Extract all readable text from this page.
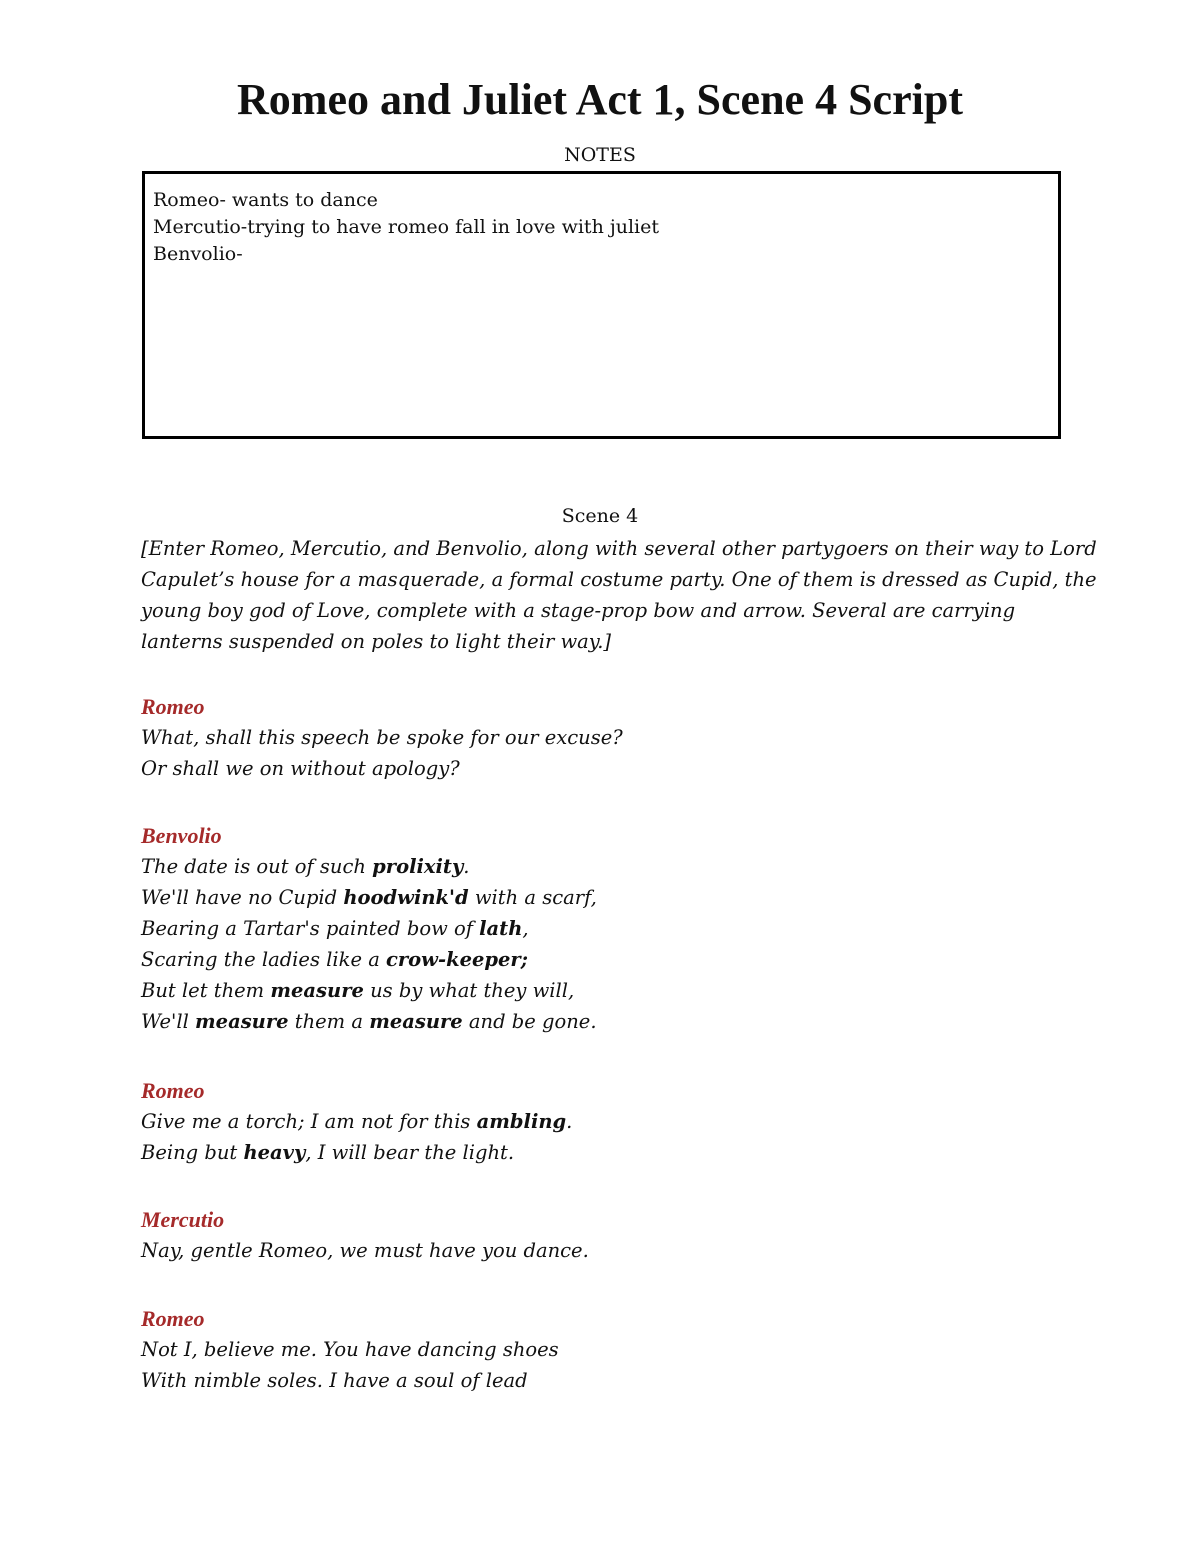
Romeo and Juliet Act 1, Scene 4 Script
NOTES
Romeo- wants to dance
Mercutio-trying to have romeo fall in love with juliet
Benvolio-
Scene 4
[Enter Romeo, Mercutio, and Benvolio, along with several other partygoers on their way to Lord
Capulet’s house for a masquerade, a formal costume party. One of them is dressed as Cupid, the
young boy god of Love, complete with a stage-prop bow and arrow. Several are carrying
lanterns suspended on poles to light their way.]
Romeo
What, shall this speech be spoke for our excuse?
Or shall we on without apology?
Benvolio
The date is out of such prolixity.
We'll have no Cupid hoodwink'd with a scarf,
Bearing a Tartar's painted bow of lath,
Scaring the ladies like a crow-keeper;
But let them measure us by what they will,
We'll measure them a measure and be gone.
Romeo
Give me a torch; I am not for this ambling.
Being but heavy, I will bear the light.
Mercutio
Nay, gentle Romeo, we must have you dance.
Romeo
Not I, believe me. You have dancing shoes
With nimble soles. I have a soul of lead
